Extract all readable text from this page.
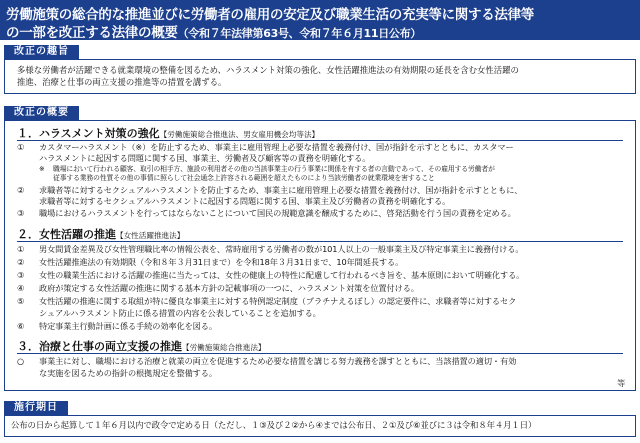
労働施策の総合的な推進並びに労働者の雇用の安定及び職業生活の充実等に関する法律等
の一部を改正する法律の概要（令和７年法律第63号、令和７年６月11日公布）
改正の趣旨
多様な労働者が活躍できる就業環境の整備を図るため、ハラスメント対策の強化、女性活躍推進法の有効期限の延長を含む女性活躍の
推進、治療と仕事の両立支援の推進等の措置を講ずる。
改正の概要
１．ハラスメント対策の強化【労働施策総合推進法、男女雇用機会均等法】
① カスタマーハラスメント（※）を防止するため、事業主に雇用管理上必要な措置を義務付け、国が指針を示すとともに、カスタマー
ハラスメントに起因する問題に関する国、事業主、労働者及び顧客等の責務を明確化する。
※ 職場において行われる顧客、取引の相手方、施設の利用者その他の当該事業主の行う事業に関係を有する者の言動であって、その雇用する労働者が
従事する業務の性質その他の事情に照らして社会通念上許容される範囲を超えたものにより当該労働者の就業環境を害すること
② 求職者等に対するセクシュアルハラスメントを防止するため、事業主に雇用管理上必要な措置を義務付け、国が指針を示すとともに、
求職者等に対するセクシュアルハラスメントに起因する問題に関する国、事業主及び労働者の責務を明確化する。
③ 職場におけるハラスメントを行ってはならないことについて国民の規範意識を醸成するために、啓発活動を行う国の責務を定める。
２．女性活躍の推進【女性活躍推進法】
① 男女間賃金差異及び女性管理職比率の情報公表を、常時雇用する労働者の数が101人以上の一般事業主及び特定事業主に義務付ける。
② 女性活躍推進法の有効期限（令和８年３月31日まで）を令和18年３月31日まで、10年間延長する。
③ 女性の職業生活における活躍の推進に当たっては、女性の健康上の特性に配慮して行われるべき旨を、基本原則において明確化する。
④ 政府が策定する女性活躍の推進に関する基本方針の記載事項の一つに、ハラスメント対策を位置付ける。
⑤ 女性活躍の推進に関する取組が特に優良な事業主に対する特例認定制度（プラチナえるぼし）の認定要件に、求職者等に対するセク
シュアルハラスメント防止に係る措置の内容を公表していることを追加する。
⑥ 特定事業主行動計画に係る手続の効率化を図る。
３．治療と仕事の両立支援の推進【労働施策総合推進法】
○ 事業主に対し、職場における治療と就業の両立を促進するため必要な措置を講じる努力義務を課すとともに、当該措置の適切・有効
な実施を図るための指針の根拠規定を整備する。
等
施行期日
公布の日から起算して１年６月以内で政令で定める日（ただし、１③及び２②から④までは公布日、２①及び⑥並びに３は令和８年４月１日）
